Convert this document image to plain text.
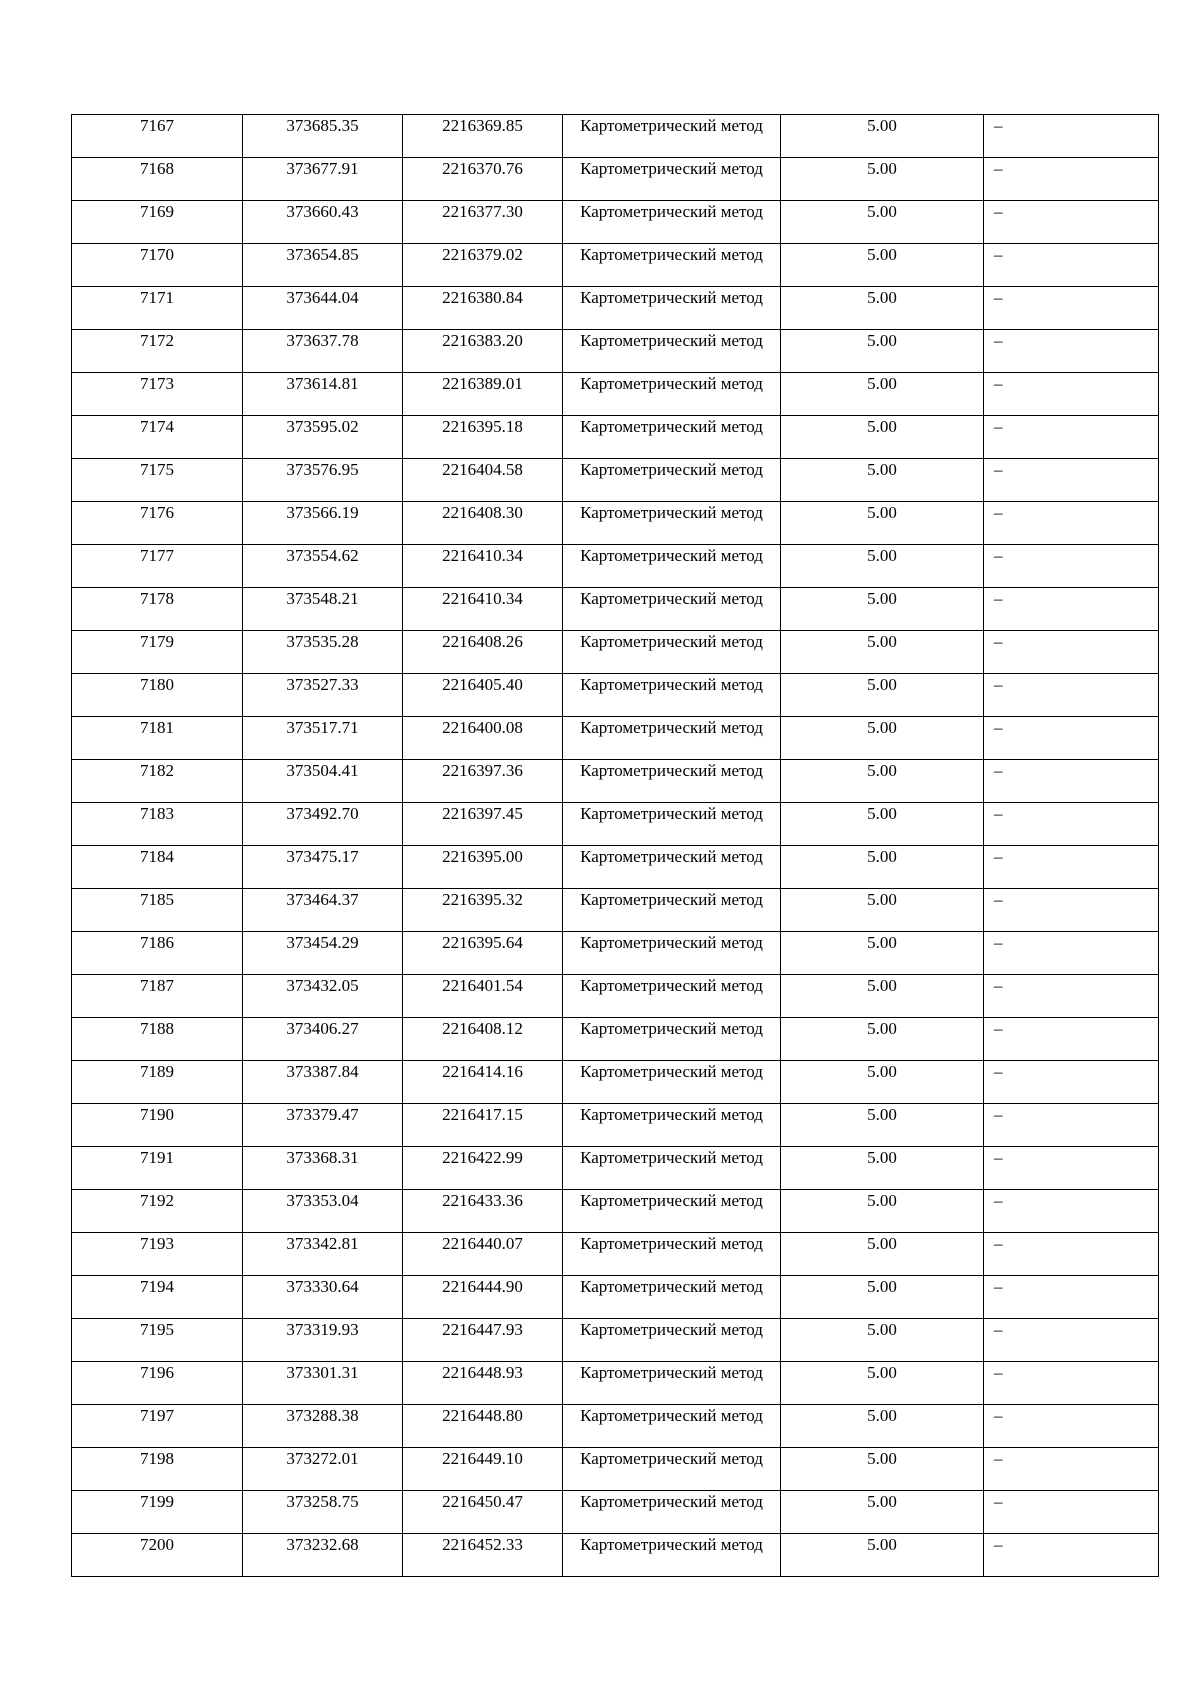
7167	373685.35	2216369.85	Картометрический метод	5.00	–
7168	373677.91	2216370.76	Картометрический метод	5.00	–
7169	373660.43	2216377.30	Картометрический метод	5.00	–
7170	373654.85	2216379.02	Картометрический метод	5.00	–
7171	373644.04	2216380.84	Картометрический метод	5.00	–
7172	373637.78	2216383.20	Картометрический метод	5.00	–
7173	373614.81	2216389.01	Картометрический метод	5.00	–
7174	373595.02	2216395.18	Картометрический метод	5.00	–
7175	373576.95	2216404.58	Картометрический метод	5.00	–
7176	373566.19	2216408.30	Картометрический метод	5.00	–
7177	373554.62	2216410.34	Картометрический метод	5.00	–
7178	373548.21	2216410.34	Картометрический метод	5.00	–
7179	373535.28	2216408.26	Картометрический метод	5.00	–
7180	373527.33	2216405.40	Картометрический метод	5.00	–
7181	373517.71	2216400.08	Картометрический метод	5.00	–
7182	373504.41	2216397.36	Картометрический метод	5.00	–
7183	373492.70	2216397.45	Картометрический метод	5.00	–
7184	373475.17	2216395.00	Картометрический метод	5.00	–
7185	373464.37	2216395.32	Картометрический метод	5.00	–
7186	373454.29	2216395.64	Картометрический метод	5.00	–
7187	373432.05	2216401.54	Картометрический метод	5.00	–
7188	373406.27	2216408.12	Картометрический метод	5.00	–
7189	373387.84	2216414.16	Картометрический метод	5.00	–
7190	373379.47	2216417.15	Картометрический метод	5.00	–
7191	373368.31	2216422.99	Картометрический метод	5.00	–
7192	373353.04	2216433.36	Картометрический метод	5.00	–
7193	373342.81	2216440.07	Картометрический метод	5.00	–
7194	373330.64	2216444.90	Картометрический метод	5.00	–
7195	373319.93	2216447.93	Картометрический метод	5.00	–
7196	373301.31	2216448.93	Картометрический метод	5.00	–
7197	373288.38	2216448.80	Картометрический метод	5.00	–
7198	373272.01	2216449.10	Картометрический метод	5.00	–
7199	373258.75	2216450.47	Картометрический метод	5.00	–
7200	373232.68	2216452.33	Картометрический метод	5.00	–
